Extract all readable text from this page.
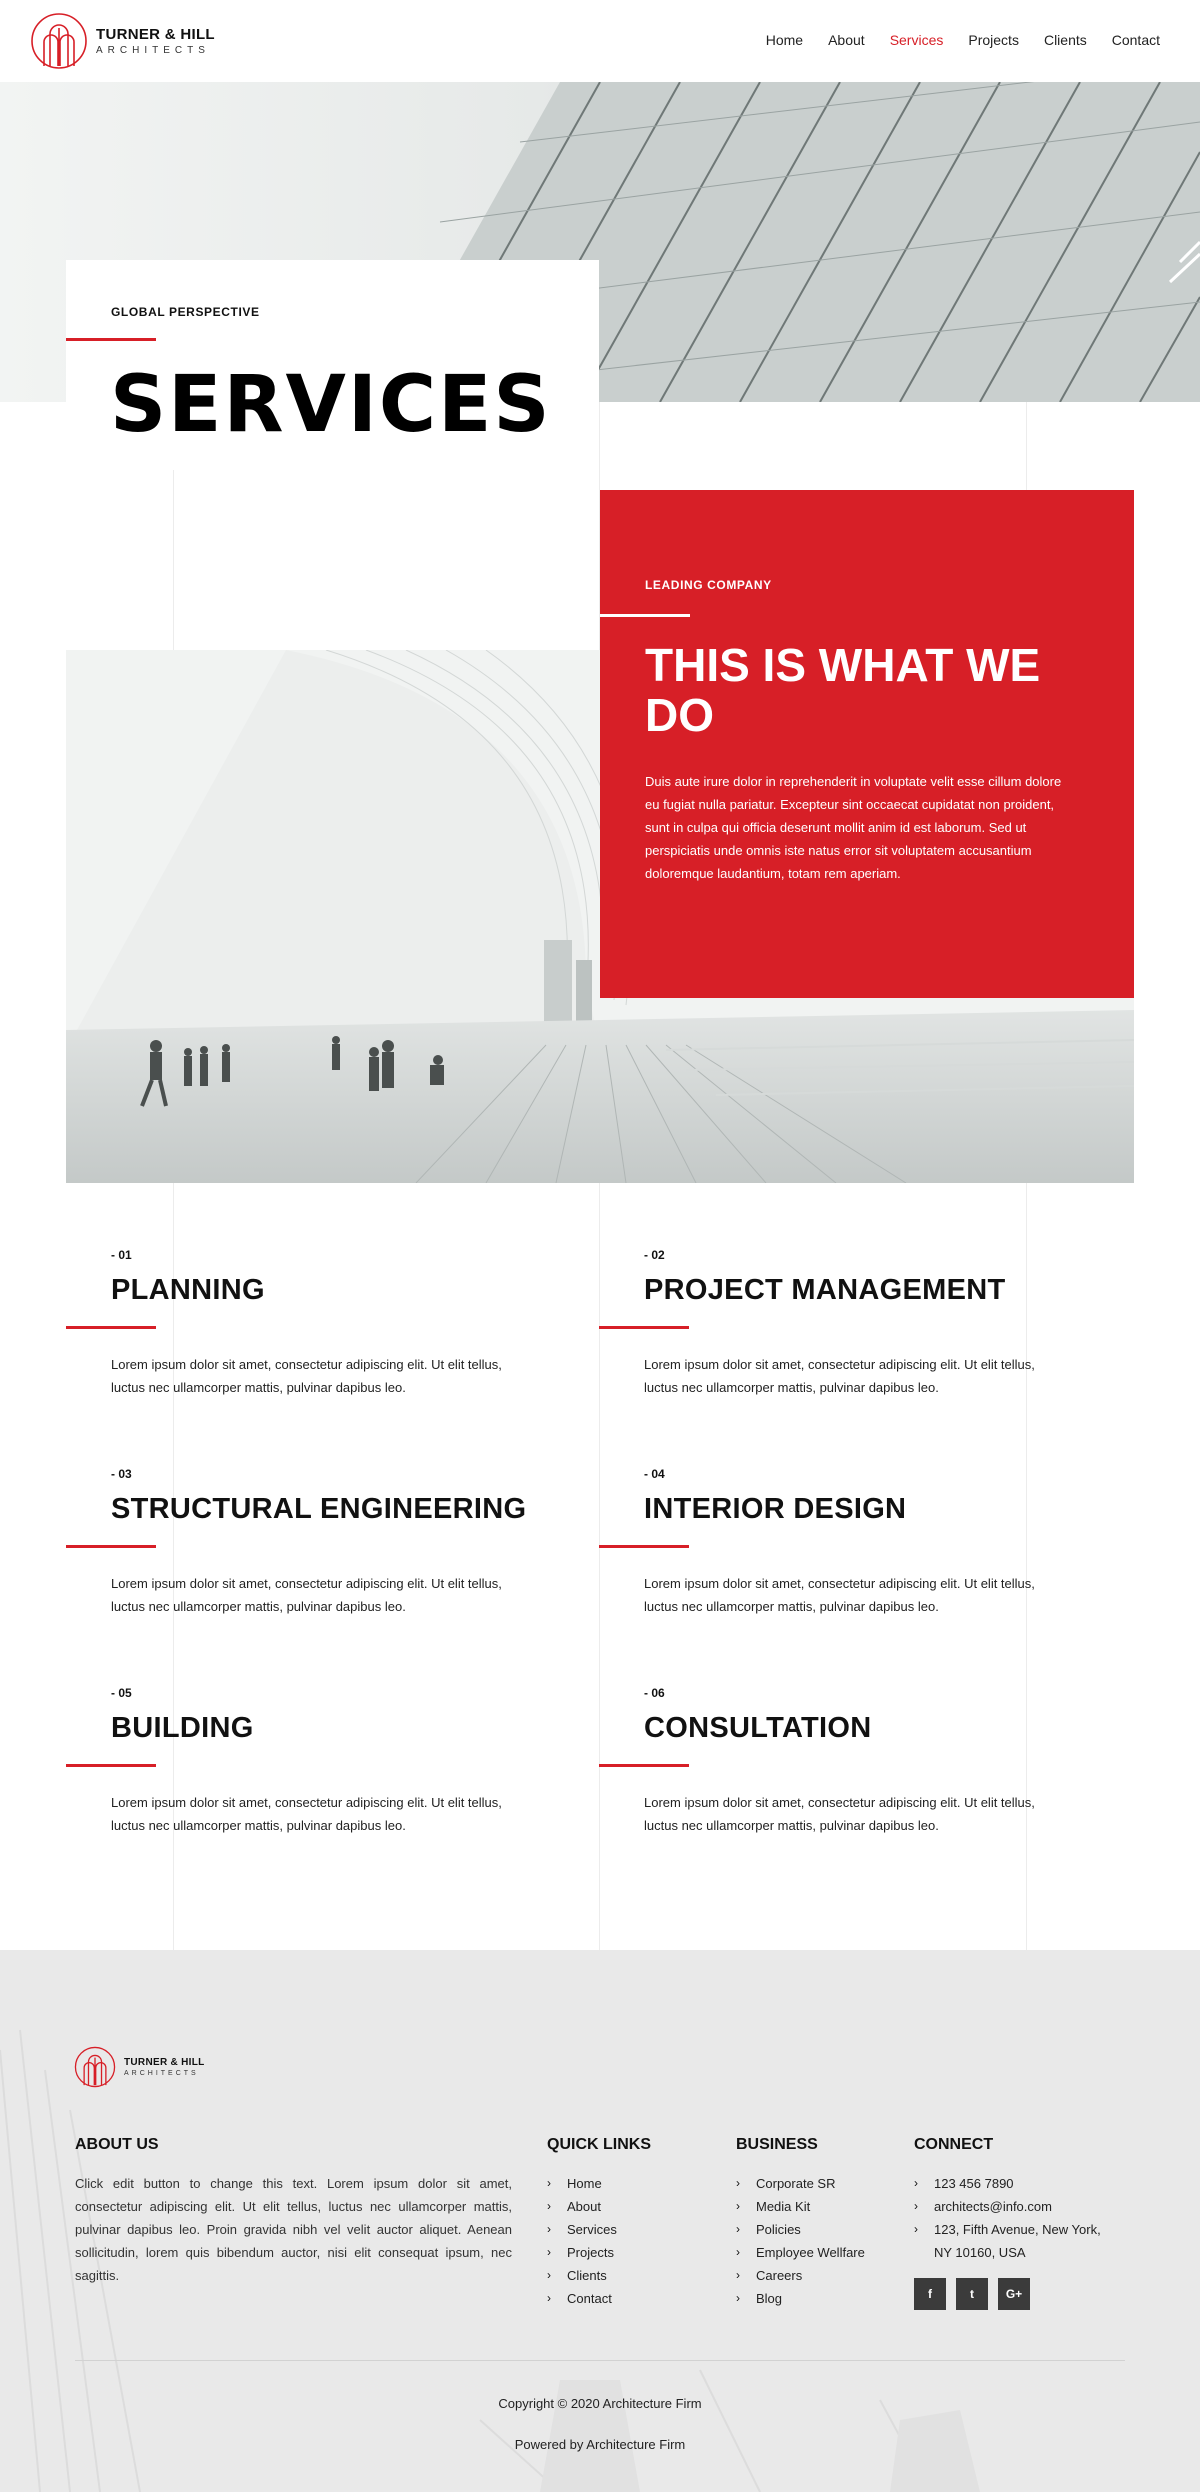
TURNER & HILL
ARCHITECTS
Home About Services Projects Clients Contact
GLOBAL PERSPECTIVE
SERVICES
LEADING COMPANY
THIS IS WHAT WE DO

Duis aute irure dolor in reprehenderit in voluptate velit esse cillum dolore eu fugiat nulla pariatur. Excepteur sint occaecat cupidatat non proident, sunt in culpa qui officia deserunt mollit anim id est laborum. Sed ut perspiciatis unde omnis iste natus error sit voluptatem accusantium doloremque laudantium, totam rem aperiam.

- 01
PLANNING

Lorem ipsum dolor sit amet, consectetur adipiscing elit. Ut elit tellus, luctus nec ullamcorper mattis, pulvinar dapibus leo.

- 02
PROJECT MANAGEMENT

Lorem ipsum dolor sit amet, consectetur adipiscing elit. Ut elit tellus, luctus nec ullamcorper mattis, pulvinar dapibus leo.

- 03
STRUCTURAL ENGINEERING

Lorem ipsum dolor sit amet, consectetur adipiscing elit. Ut elit tellus, luctus nec ullamcorper mattis, pulvinar dapibus leo.

- 04
INTERIOR DESIGN

Lorem ipsum dolor sit amet, consectetur adipiscing elit. Ut elit tellus, luctus nec ullamcorper mattis, pulvinar dapibus leo.

- 05
BUILDING

Lorem ipsum dolor sit amet, consectetur adipiscing elit. Ut elit tellus, luctus nec ullamcorper mattis, pulvinar dapibus leo.

- 06
CONSULTATION

Lorem ipsum dolor sit amet, consectetur adipiscing elit. Ut elit tellus, luctus nec ullamcorper mattis, pulvinar dapibus leo.

TURNER & HILL
ARCHITECTS
ABOUT US

Click edit button to change this text. Lorem ipsum dolor sit amet, consectetur adipiscing elit. Ut elit tellus, luctus nec ullamcorper mattis, pulvinar dapibus leo. Proin gravida nibh vel velit auctor aliquet. Aenean sollicitudin, lorem quis bibendum auctor, nisi elit consequat ipsum, nec sagittis.

QUICK LINKS
›	Home
›	About
›	Services
›	Projects
›	Clients
›	Contact
BUSINESS
›	Corporate SR
›	Media Kit
›	Policies
›	Employee Wellfare
›	Careers
›	Blog
CONNECT
›	123 456 7890
›	architects@info.com
›	123, Fifth Avenue, New York,
NY 10160, USA
f	t	G+
Copyright © 2020 Architecture Firm
Powered by Architecture Firm
